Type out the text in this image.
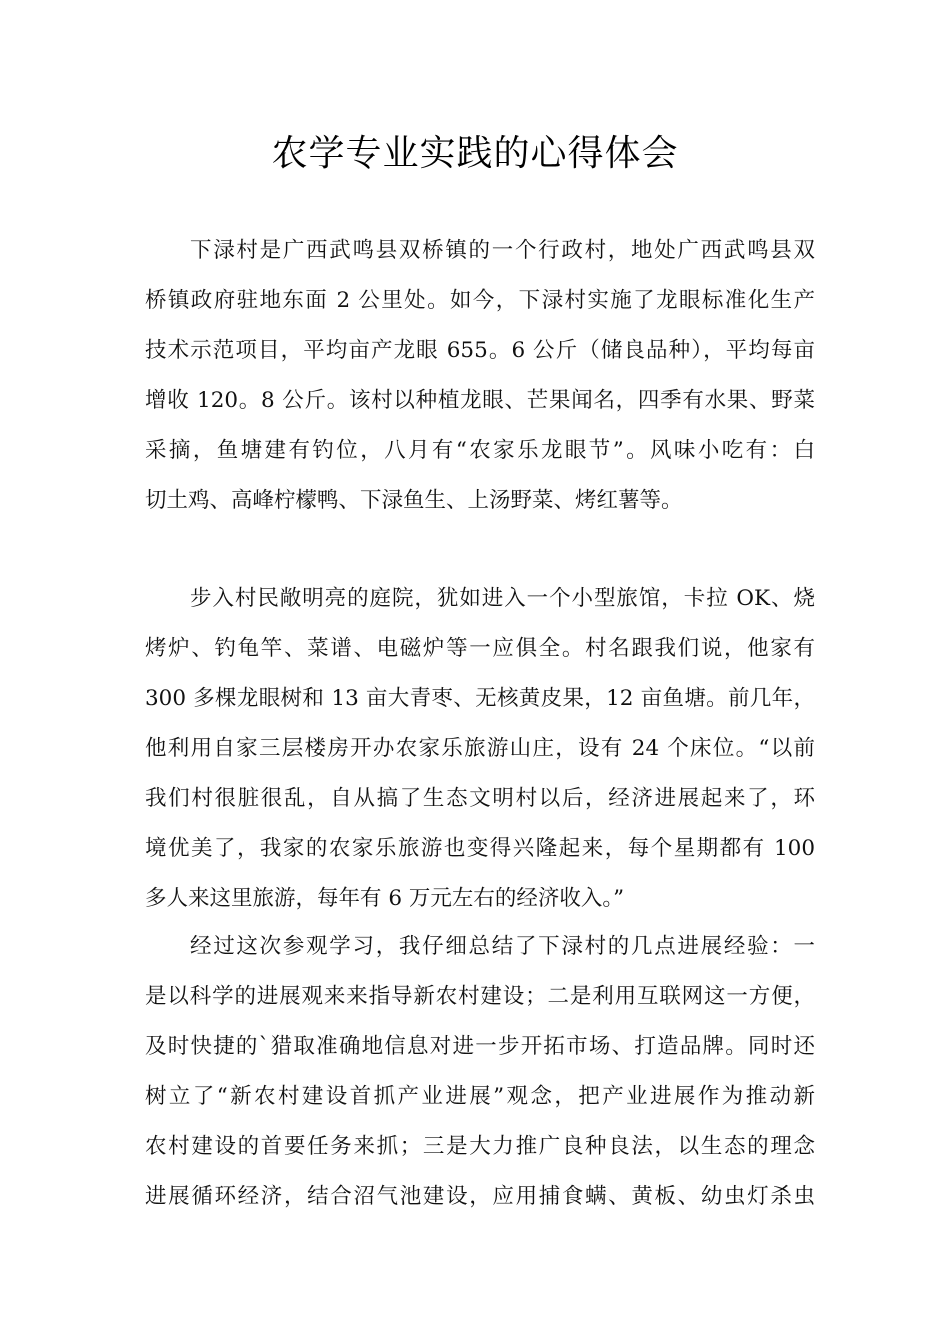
农学专业实践的心得体会
下渌村是广西武鸣县双桥镇的一个行政村，地处广西武鸣县双
桥镇政府驻地东面 2 公里处。如今，下渌村实施了龙眼标准化生产
技术示范项目，平均亩产龙眼 655。6 公斤（储良品种），平均每亩
增收 120。8 公斤。该村以种植龙眼、芒果闻名，四季有水果、野菜
采摘，鱼塘建有钓位，八月有“农家乐龙眼节”。风味小吃有：白
切土鸡、高峰柠檬鸭、下渌鱼生、上汤野菜、烤红薯等。
步入村民敞明亮的庭院，犹如进入一个小型旅馆，卡拉 OK、烧
烤炉、钓龟竿、菜谱、电磁炉等一应俱全。村名跟我们说，他家有
300 多棵龙眼树和 13 亩大青枣、无核黄皮果，12 亩鱼塘。前几年，
他利用自家三层楼房开办农家乐旅游山庄，设有 24 个床位。“以前
我们村很脏很乱，自从搞了生态文明村以后，经济进展起来了，环
境优美了，我家的农家乐旅游也变得兴隆起来，每个星期都有 100
多人来这里旅游，每年有 6 万元左右的经济收入。”
经过这次参观学习，我仔细总结了下渌村的几点进展经验：一
是以科学的进展观来来指导新农村建设；二是利用互联网这一方便，
及时快捷的`猎取准确地信息对进一步开拓市场、打造品牌。同时还
树立了“新农村建设首抓产业进展”观念，把产业进展作为推动新
农村建设的首要任务来抓；三是大力推广良种良法，以生态的理念
进展循环经济，结合沼气池建设，应用捕食螨、黄板、幼虫灯杀虫
